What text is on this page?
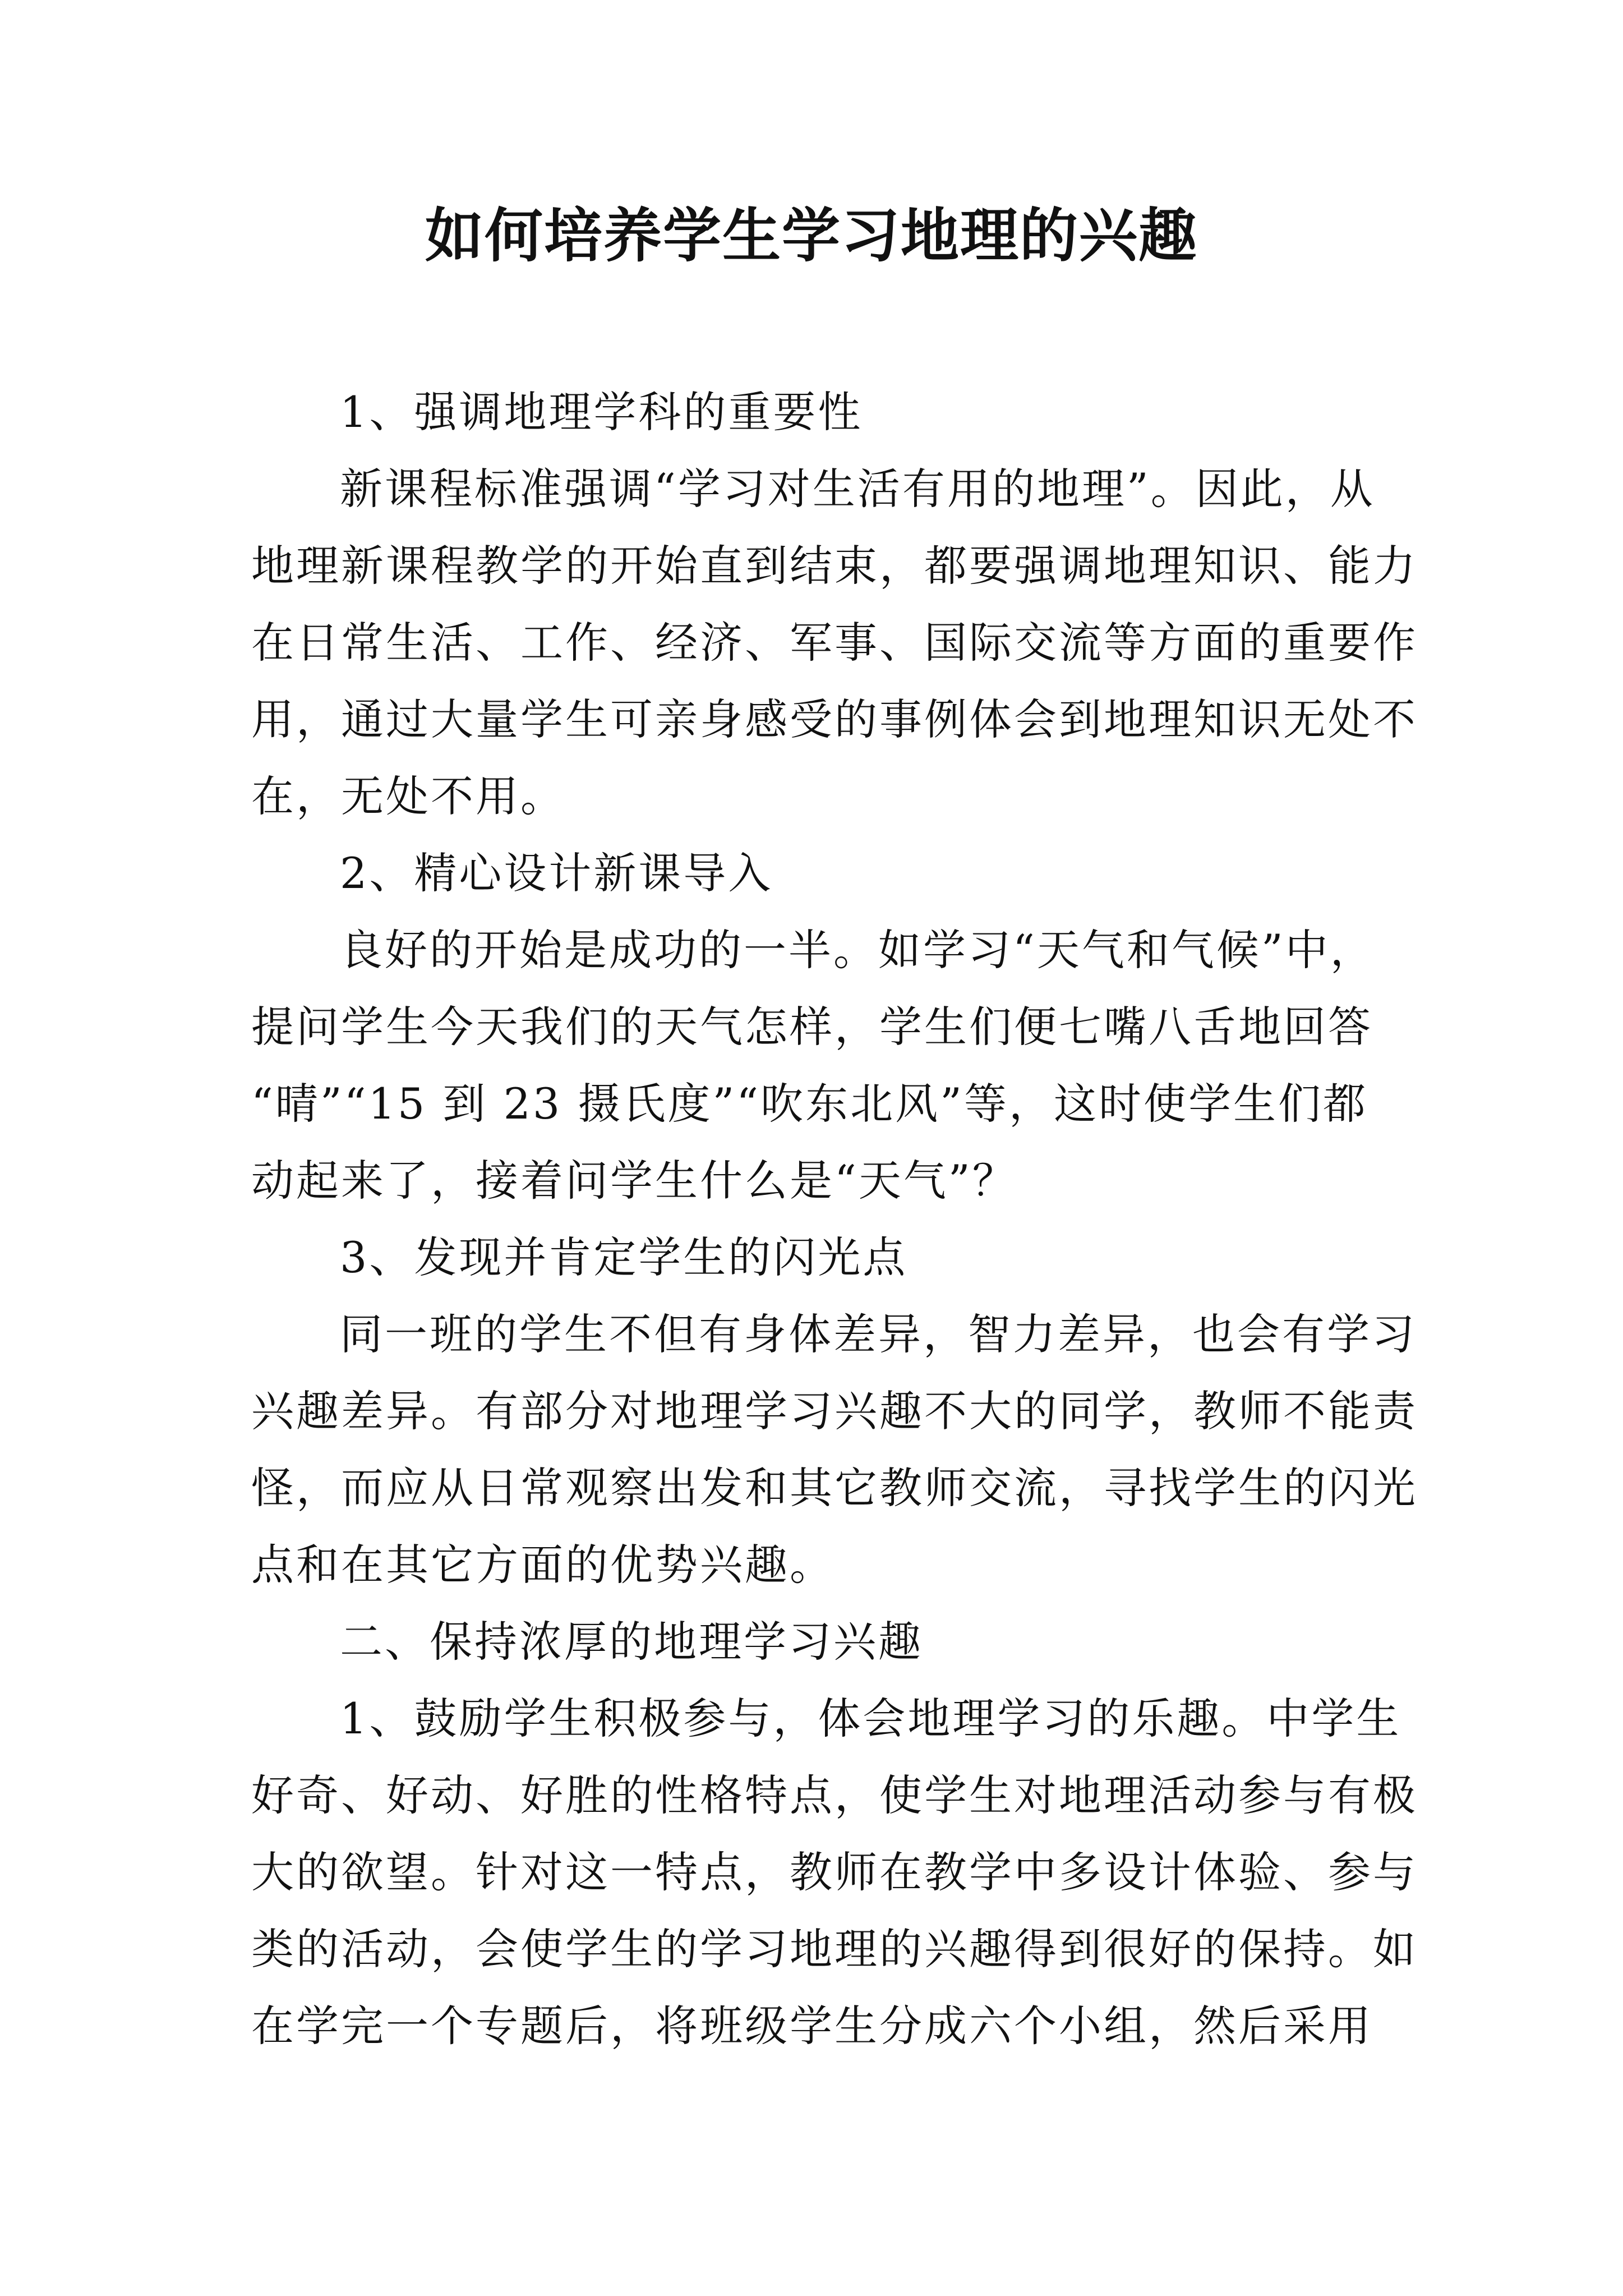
如何培养学生学习地理的兴趣
1、强调地理学科的重要性
新课程标准强调“学习对生活有用的地理”。因此，从
地理新课程教学的开始直到结束，都要强调地理知识、能力
在日常生活、工作、经济、军事、国际交流等方面的重要作
用，通过大量学生可亲身感受的事例体会到地理知识无处不
在，无处不用。
2、精心设计新课导入
良好的开始是成功的一半。如学习“天气和气候”中，
提问学生今天我们的天气怎样，学生们便七嘴八舌地回答
“晴”“15 到 23 摄氏度”“吹东北风”等，这时使学生们都
动起来了，接着问学生什么是“天气”？
3、发现并肯定学生的闪光点
同一班的学生不但有身体差异，智力差异，也会有学习
兴趣差异。有部分对地理学习兴趣不大的同学，教师不能责
怪，而应从日常观察出发和其它教师交流，寻找学生的闪光
点和在其它方面的优势兴趣。
二、保持浓厚的地理学习兴趣
1、鼓励学生积极参与，体会地理学习的乐趣。中学生
好奇、好动、好胜的性格特点，使学生对地理活动参与有极
大的欲望。针对这一特点，教师在教学中多设计体验、参与
类的活动，会使学生的学习地理的兴趣得到很好的保持。如
在学完一个专题后，将班级学生分成六个小组，然后采用
